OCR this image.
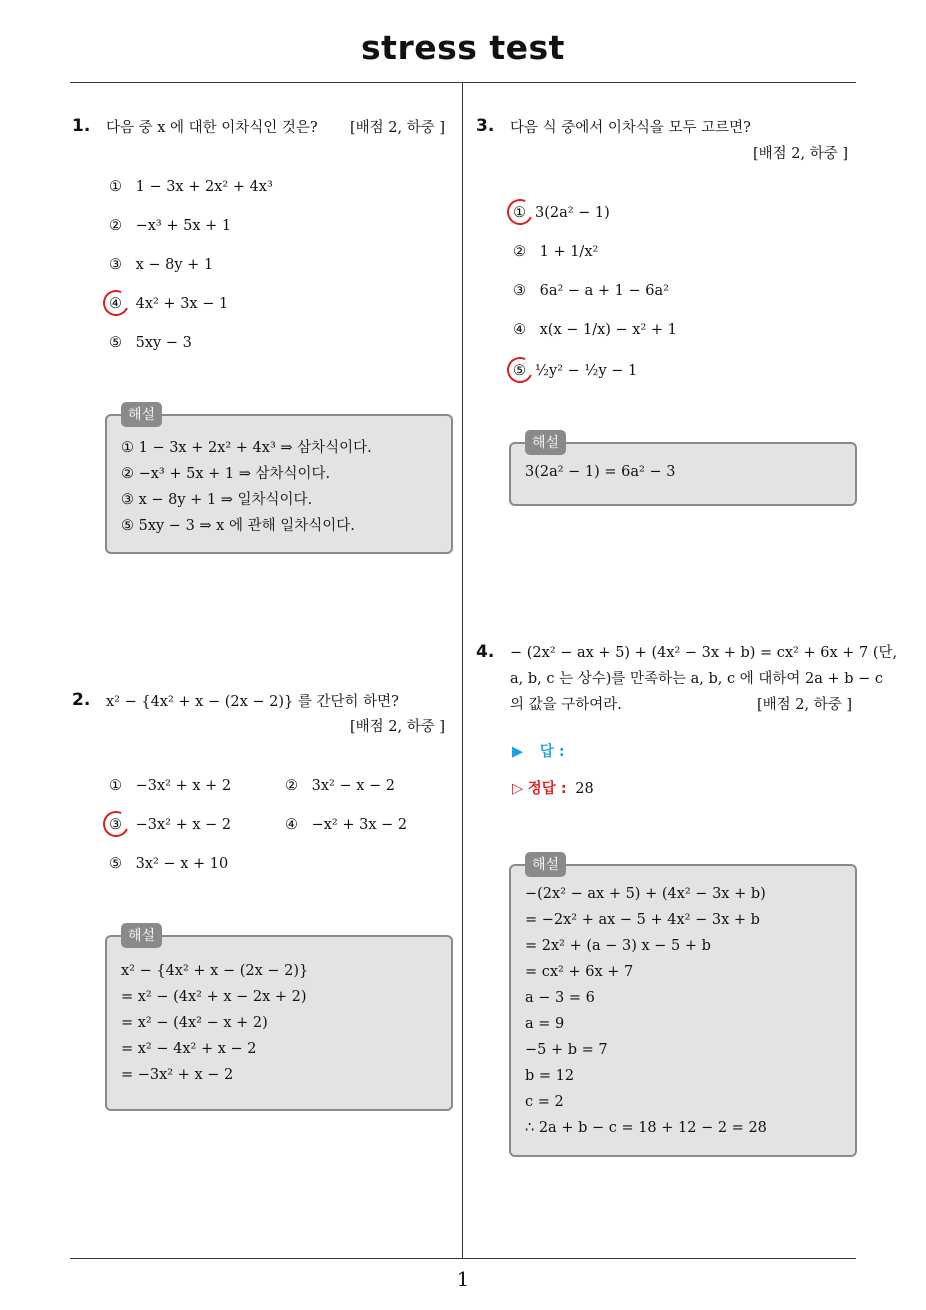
stress test
1
1. 다음 중 x 에 대한 이차식인 것은? [배점 2, 하중 ]
① 1 − 3x + 2x² + 4x³
② −x³ + 5x + 1
③ x − 8y + 1
④ 4x² + 3x − 1
⑤ 5xy − 3
해설
① 1 − 3x + 2x² + 4x³ ⇒ 삼차식이다.
② −x³ + 5x + 1 ⇒ 삼차식이다.
③ x − 8y + 1 ⇒ 일차식이다.
⑤ 5xy − 3 ⇒ x 에 관해 일차식이다.
2. x² − {4x² + x − (2x − 2)} 를 간단히 하면?
[배점 2, 하중 ]
① −3x² + x + 2	② 3x² − x − 2
③ −3x² + x − 2	④ −x² + 3x − 2
⑤ 3x² − x + 10
해설
x² − {4x² + x − (2x − 2)}
= x² − (4x² + x − 2x + 2)
= x² − (4x² − x + 2)
= x² − 4x² + x − 2
= −3x² + x − 2
3. 다음 식 중에서 이차식을 모두 고르면?
[배점 2, 하중 ]
① 3(2a² − 1)
② 1 + 1/x²
③ 6a² − a + 1 − 6a²
④ x(x − 1/x) − x² + 1
⑤ ½y² − ½y − 1
해설
3(2a² − 1) = 6a² − 3
4. − (2x² − ax + 5) + (4x² − 3x + b) = cx² + 6x + 7 (단,
a, b, c 는 상수)를 만족하는 a, b, c 에 대하여 2a + b − c
의 값을 구하여라.	[배점 2, 하중 ]
▶ 답 :
▷ 정답 : 28
해설
−(2x² − ax + 5) + (4x² − 3x + b)
= −2x² + ax − 5 + 4x² − 3x + b
= 2x² + (a − 3) x − 5 + b
= cx² + 6x + 7
a − 3 = 6
a = 9
−5 + b = 7
b = 12
c = 2
∴ 2a + b − c = 18 + 12 − 2 = 28
